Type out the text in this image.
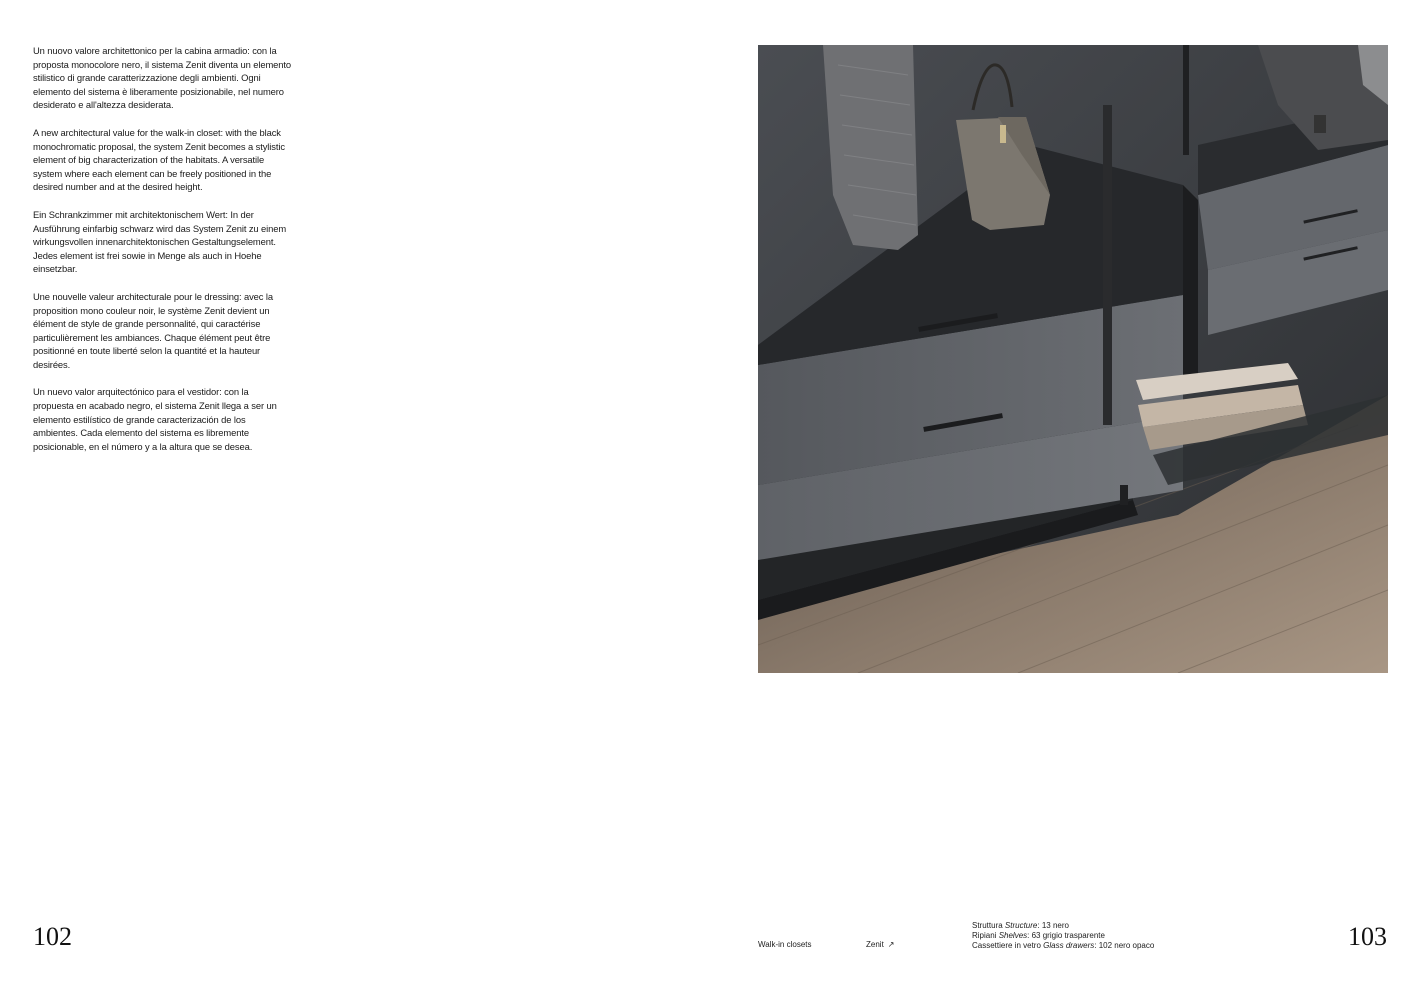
Un nuovo valore architettonico per la cabina armadio: con la proposta monocolore nero, il sistema Zenit diventa un elemento stilistico di grande caratterizzazione degli ambienti. Ogni elemento del sistema è liberamente posizionabile, nel numero desiderato e all'altezza desiderata.

A new architectural value for the walk-in closet: with the black monochromatic proposal, the system Zenit becomes a stylistic element of big characterization of the habitats. A versatile system where each element can be freely positioned in the desired number and at the desired height.

Ein Schrankzimmer mit architektonischem Wert: In der Ausführung einfarbig schwarz wird das System Zenit zu einem wirkungsvollen innenarchitektonischen Gestaltungselement. Jedes element ist frei sowie in Menge als auch in Hoehe einsetzbar.

Une nouvelle valeur architecturale pour le dressing: avec la proposition mono couleur noir, le système Zenit devient un élément de style de grande personnalité, qui caractérise particulièrement les ambiances. Chaque élément peut être positionné en toute liberté selon la quantité et la hauteur desirées.

Un nuevo valor arquitectónico para el vestidor: con la propuesta en acabado negro, el sistema Zenit llega a ser un elemento estilístico de grande caracterización de los ambientes. Cada elemento del sistema es libremente posicionable, en el número y a la altura que se desea.

102	103
Walk-in closets	Zenit ↗
Struttura Structure: 13 nero
Ripiani Shelves: 63 grigio trasparente
Cassettiere in vetro Glass drawers: 102 nero opaco
